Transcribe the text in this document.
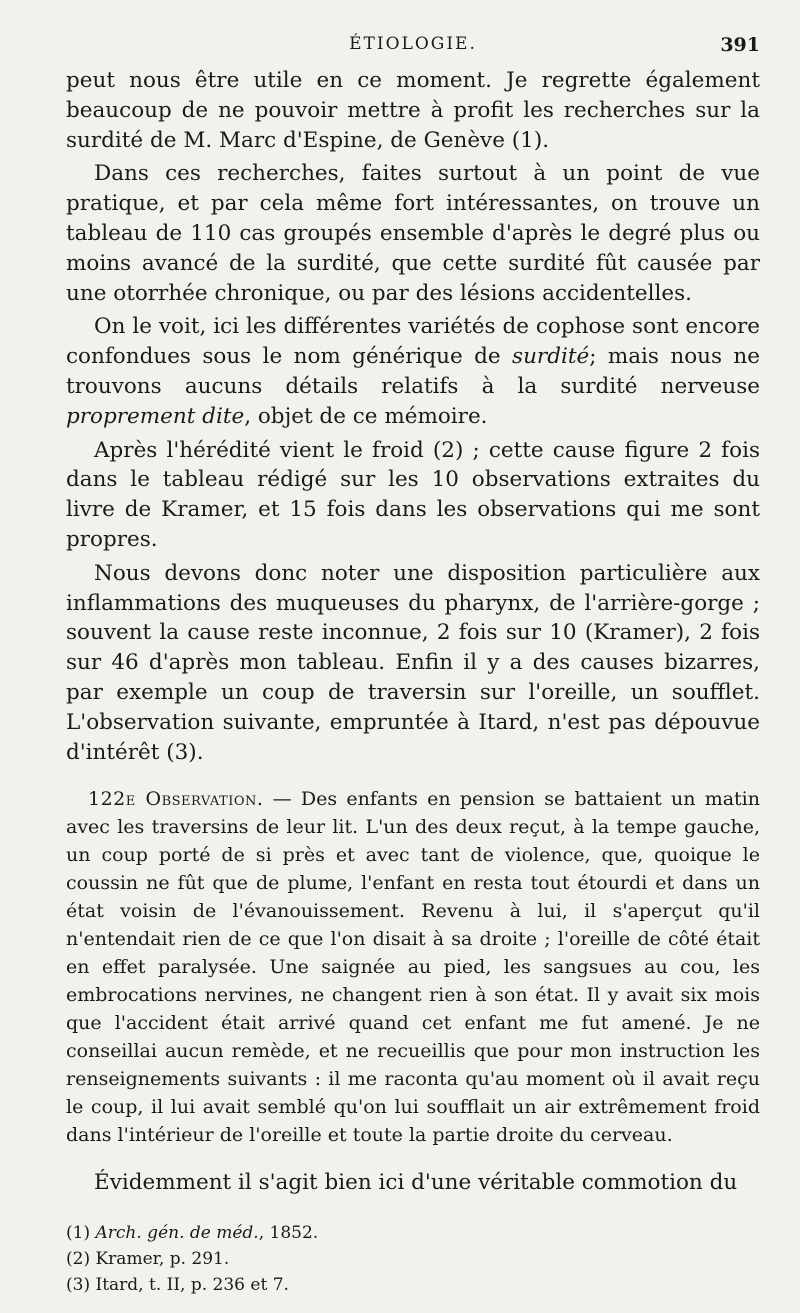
ÉTIOLOGIE.	391

peut nous être utile en ce moment. Je regrette également beaucoup de ne pouvoir mettre à profit les recherches sur la surdité de M. Marc d'Espine, de Genève (1).

Dans ces recherches, faites surtout à un point de vue pratique, et par cela même fort intéressantes, on trouve un tableau de 110 cas groupés ensemble d'après le degré plus ou moins avancé de la surdité, que cette surdité fût causée par une otorrhée chronique, ou par des lésions accidentelles.

On le voit, ici les différentes variétés de cophose sont encore confondues sous le nom générique de surdité; mais nous ne trouvons aucuns détails relatifs à la surdité nerveuse proprement dite, objet de ce mémoire.

Après l'hérédité vient le froid (2) ; cette cause figure 2 fois dans le tableau rédigé sur les 10 observations extraites du livre de Kramer, et 15 fois dans les observations qui me sont propres.

Nous devons donc noter une disposition particulière aux inflammations des muqueuses du pharynx, de l'arrière-gorge ; souvent la cause reste inconnue, 2 fois sur 10 (Kramer), 2 fois sur 46 d'après mon tableau. Enfin il y a des causes bizarres, par exemple un coup de traversin sur l'oreille, un soufflet. L'observation suivante, empruntée à Itard, n'est pas dépouvue d'intérêt (3).

122e Observation. — Des enfants en pension se battaient un matin avec les traversins de leur lit. L'un des deux reçut, à la tempe gauche, un coup porté de si près et avec tant de violence, que, quoique le coussin ne fût que de plume, l'enfant en resta tout étourdi et dans un état voisin de l'évanouissement. Revenu à lui, il s'aperçut qu'il n'entendait rien de ce que l'on disait à sa droite ; l'oreille de côté était en effet paralysée. Une saignée au pied, les sangsues au cou, les embrocations nervines, ne changent rien à son état. Il y avait six mois que l'accident était arrivé quand cet enfant me fut amené. Je ne conseillai aucun remède, et ne recueillis que pour mon instruction les renseignements suivants : il me raconta qu'au moment où il avait reçu le coup, il lui avait semblé qu'on lui soufflait un air extrêmement froid dans l'intérieur de l'oreille et toute la partie droite du cerveau.

Évidemment il s'agit bien ici d'une véritable commotion du

(1) Arch. gén. de méd., 1852.
(2) Kramer, p. 291.
(3) Itard, t. II, p. 236 et 7.
